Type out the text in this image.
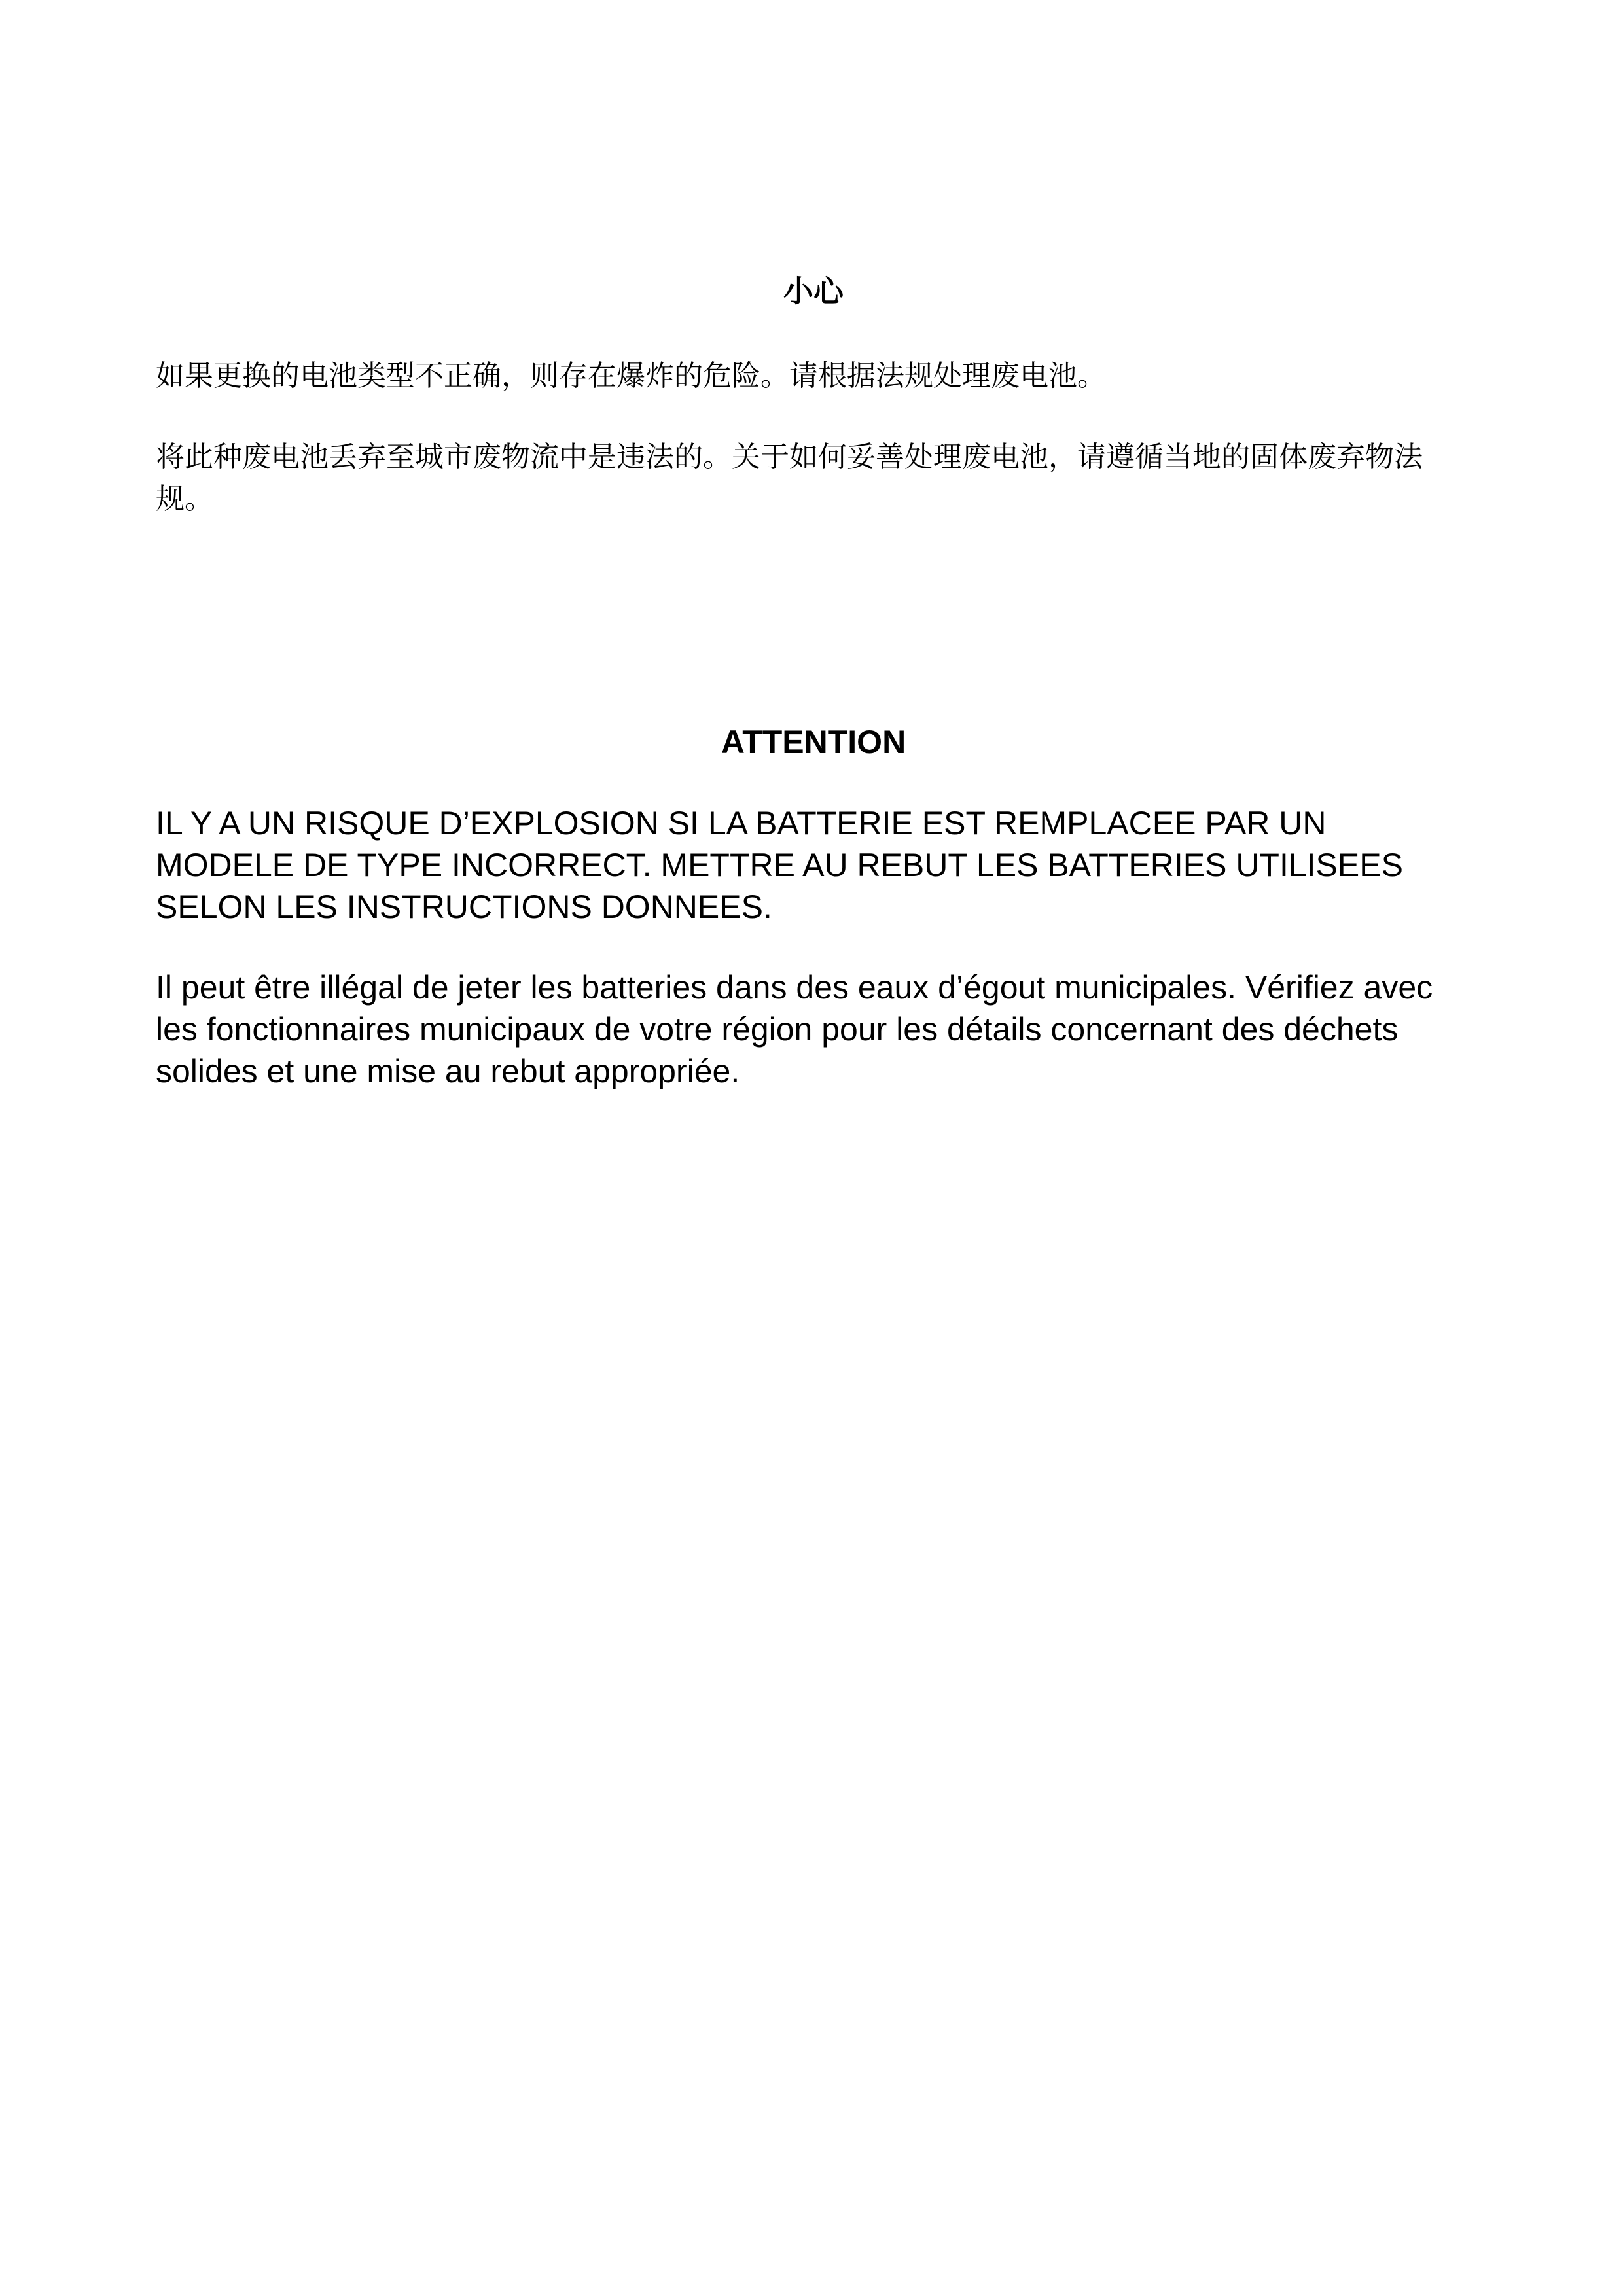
小心

如果更换的电池类型不正确，则存在爆炸的危险。请根据法规处理废电池。

将此种废电池丢弃至城市废物流中是违法的。关于如何妥善处理废电池，请遵循当地的固体废弃物法规。

ATTENTION

IL Y A UN RISQUE D’EXPLOSION SI LA BATTERIE EST REMPLACEE PAR UN MODELE DE TYPE INCORRECT. METTRE AU REBUT LES BATTERIES UTILISEES SELON LES INSTRUCTIONS DONNEES.

Il peut être illégal de jeter les batteries dans des eaux d’égout municipales. Vérifiez avec les fonctionnaires municipaux de votre région pour les détails concernant des déchets solides et une mise au rebut appropriée.
